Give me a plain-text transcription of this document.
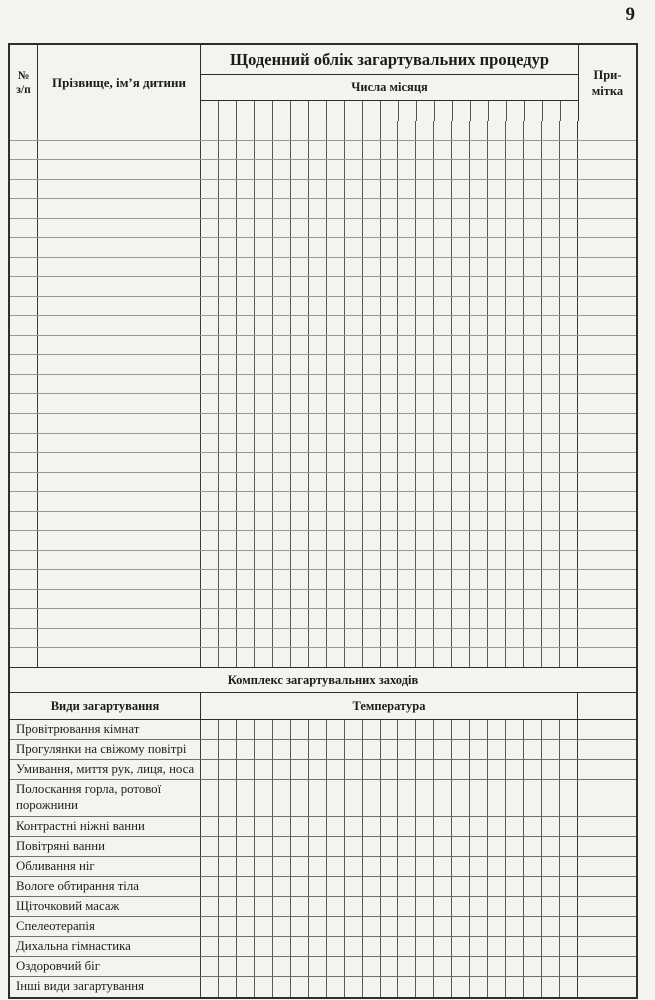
9
№
з/п	Прізвище, ім’я дитини
Щоденний облік загартувальних процедур
Числа місяця
При-
мітка
Комплекс загартувальних заходів
Види загартування	Температура
Провітрювання кімнат
Прогулянки на свіжому повітрі
Умивання, миття рук, лиця, носа
Полоскання горла, ротової порожнини
Контрастні ніжні ванни
Повітряні ванни
Обливання ніг
Вологе обтирання тіла
Щіточковий масаж
Спелеотерапія
Дихальна гімнастика
Оздоровчий біг
Інші види загартування
